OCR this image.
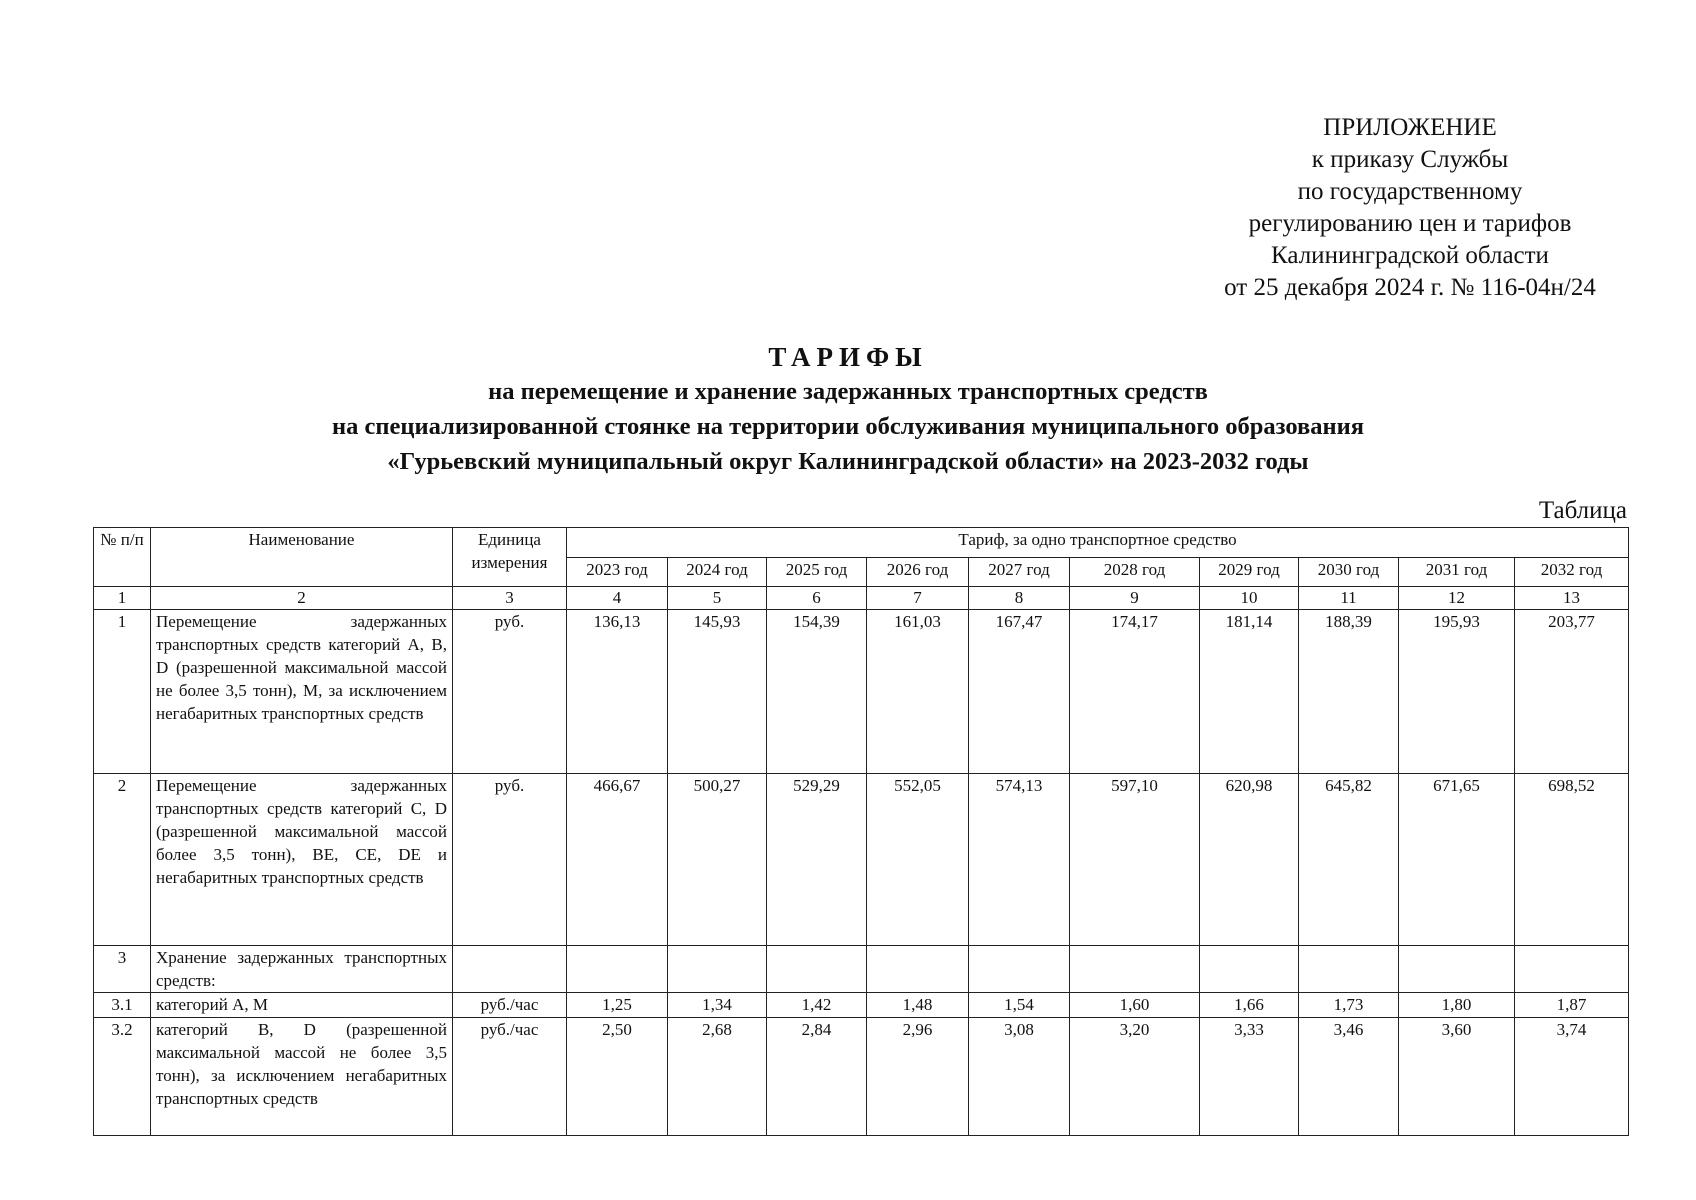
ПРИЛОЖЕНИЕ
к приказу Службы
по государственному
регулированию цен и тарифов
Калининградской области
от 25 декабря 2024 г. № 116-04н/24
ТАРИФЫ
на перемещение и хранение задержанных транспортных средств
на специализированной стоянке на территории обслуживания муниципального образования
«Гурьевский муниципальный округ Калининградской области» на 2023-2032 годы
Таблица
№ п/п	Наименование	Единица измерения	Тариф, за одно транспортное средство									
			2023 год	2024 год	2025 год	2026 год	2027 год	2028 год	2029 год	2030 год	2031 год	2032 год
1	2	3	4	5	6	7	8	9	10	11	12	13
1	Перемещение задержанных транспортных средств категорий A, B, D (разрешенной максимальной массой не более 3,5 тонн), M, за исключением негабаритных транспортных средств	руб.	136,13	145,93	154,39	161,03	167,47	174,17	181,14	188,39	195,93	203,77
2	Перемещение задержанных транспортных средств категорий C, D (разрешенной максимальной массой более 3,5 тонн), BE, CE, DE и негабаритных транспортных средств	руб.	466,67	500,27	529,29	552,05	574,13	597,10	620,98	645,82	671,65	698,52
3	Хранение задержанных транспортных средств:											
3.1	категорий A, M	руб./час	1,25	1,34	1,42	1,48	1,54	1,60	1,66	1,73	1,80	1,87
3.2	категорий B, D (разрешенной максимальной массой не более 3,5 тонн), за исключением негабаритных транспортных средств	руб./час	2,50	2,68	2,84	2,96	3,08	3,20	3,33	3,46	3,60	3,74
